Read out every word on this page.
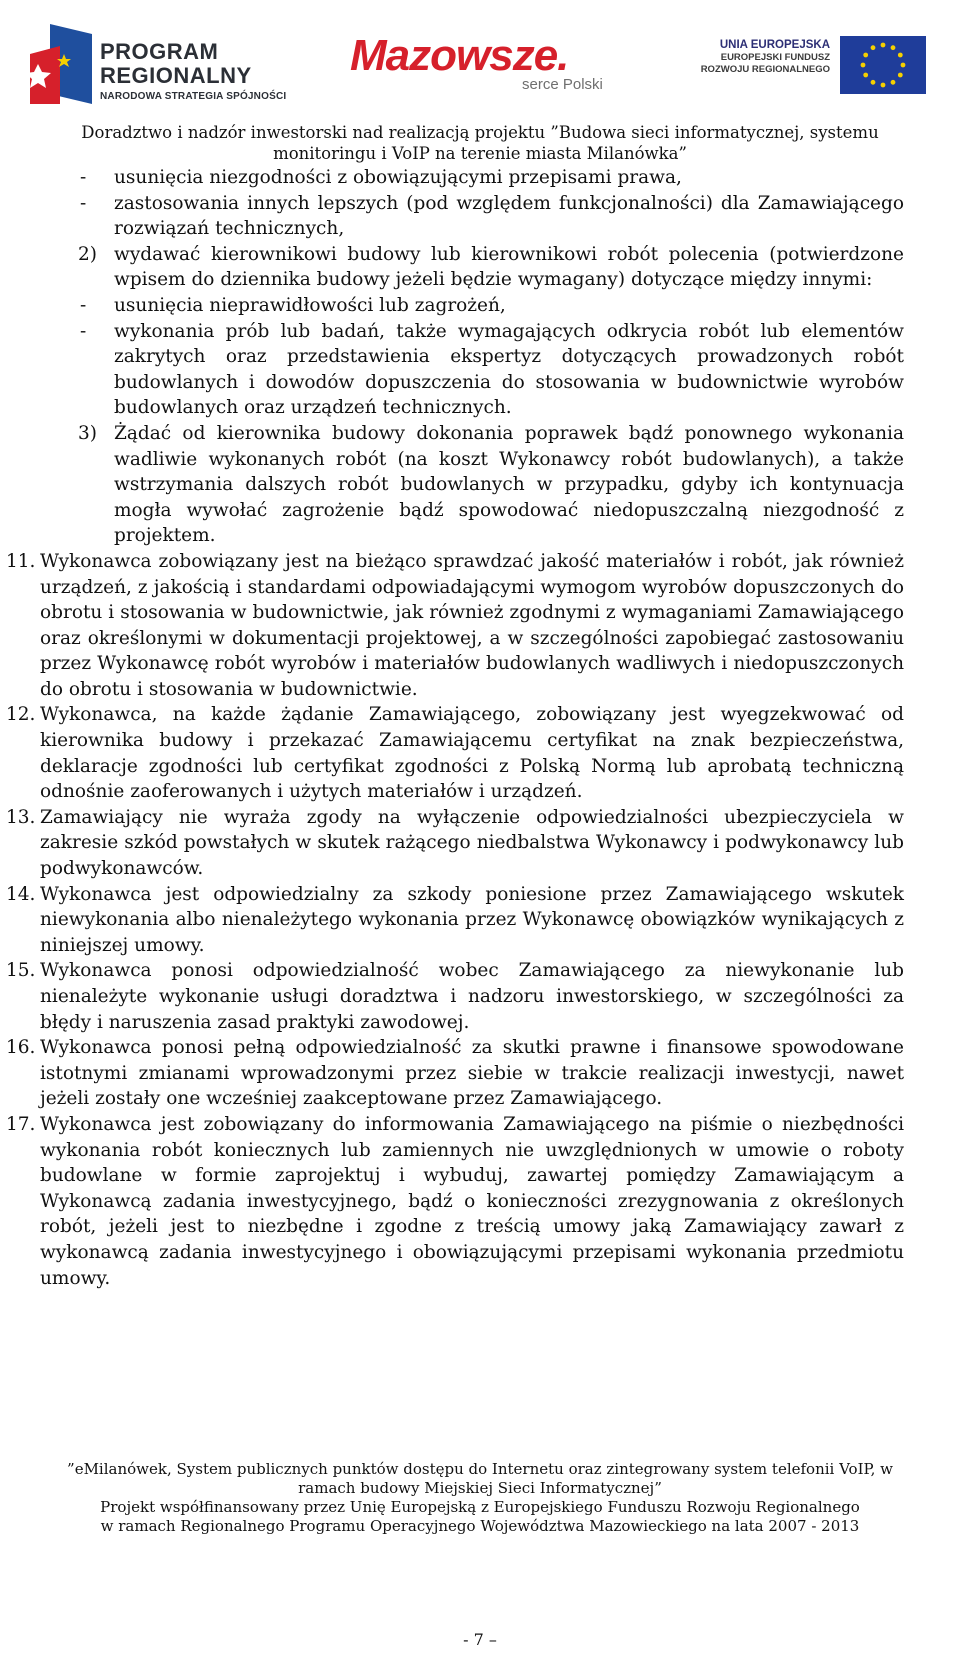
PROGRAM
REGIONALNY
NARODOWA STRATEGIA SPÓJNOŚCI
Mazowsze.
serce Polski
UNIA EUROPEJSKA
EUROPEJSKI FUNDUSZ
ROZWOJU REGIONALNEGO
Doradztwo i nadzór inwestorski nad realizacją projektu ”Budowa sieci informatycznej, systemu
monitoringu i VoIP na terenie miasta Milanówka”
- usunięcia niezgodności z obowiązującymi przepisami prawa,
- zastosowania innych lepszych (pod względem funkcjonalności) dla Zamawiającego rozwiązań technicznych,
2) wydawać kierownikowi budowy lub kierownikowi robót polecenia (potwierdzone wpisem do dziennika budowy jeżeli będzie wymagany) dotyczące między innymi:
- usunięcia nieprawidłowości lub zagrożeń,
- wykonania prób lub badań, także wymagających odkrycia robót lub elementów zakrytych oraz przedstawienia ekspertyz dotyczących prowadzonych robót budowlanych i dowodów dopuszczenia do stosowania w budownictwie wyrobów budowlanych oraz urządzeń technicznych.
3) Żądać od kierownika budowy dokonania poprawek bądź ponownego wykonania wadliwie wykonanych robót (na koszt Wykonawcy robót budowlanych), a także wstrzymania dalszych robót budowlanych w przypadku, gdyby ich kontynuacja mogła wywołać zagrożenie bądź spowodować niedopuszczalną niezgodność z projektem.
11. Wykonawca zobowiązany jest na bieżąco sprawdzać jakość materiałów i robót, jak również urządzeń, z jakością i standardami odpowiadającymi wymogom wyrobów dopuszczonych do obrotu i stosowania w budownictwie, jak również zgodnymi z wymaganiami Zamawiającego oraz określonymi w dokumentacji projektowej, a w szczególności zapobiegać zastosowaniu przez Wykonawcę robót wyrobów i materiałów budowlanych wadliwych i niedopuszczonych do obrotu i stosowania w budownictwie.
12. Wykonawca, na każde żądanie Zamawiającego, zobowiązany jest wyegzekwować od kierownika budowy i przekazać Zamawiającemu certyfikat na znak bezpieczeństwa, deklaracje zgodności lub certyfikat zgodności z Polską Normą lub aprobatą techniczną odnośnie zaoferowanych i użytych materiałów i urządzeń.
13. Zamawiający nie wyraża zgody na wyłączenie odpowiedzialności ubezpieczyciela w zakresie szkód powstałych w skutek rażącego niedbalstwa Wykonawcy i podwykonawcy lub podwykonawców.
14. Wykonawca jest odpowiedzialny za szkody poniesione przez Zamawiającego wskutek niewykonania albo nienależytego wykonania przez Wykonawcę obowiązków wynikających z niniejszej umowy.
15. Wykonawca ponosi odpowiedzialność wobec Zamawiającego za niewykonanie lub nienależyte wykonanie usługi doradztwa i nadzoru inwestorskiego, w szczególności za błędy i naruszenia zasad praktyki zawodowej.
16. Wykonawca ponosi pełną odpowiedzialność za skutki prawne i finansowe spowodowane istotnymi zmianami wprowadzonymi przez siebie w trakcie realizacji inwestycji, nawet jeżeli zostały one wcześniej zaakceptowane przez Zamawiającego.
17. Wykonawca jest zobowiązany do informowania Zamawiającego na piśmie o niezbędności wykonania robót koniecznych lub zamiennych nie uwzględnionych w umowie o roboty budowlane w formie zaprojektuj i wybuduj, zawartej pomiędzy Zamawiającym a Wykonawcą zadania inwestycyjnego, bądź o konieczności zrezygnowania z określonych robót, jeżeli jest to niezbędne i zgodne z treścią umowy jaką Zamawiający zawarł z wykonawcą zadania inwestycyjnego i obowiązującymi przepisami wykonania przedmiotu umowy.
”eMilanówek, System publicznych punktów dostępu do Internetu oraz zintegrowany system telefonii VoIP, w
ramach budowy Miejskiej Sieci Informatycznej”
Projekt współfinansowany przez Unię Europejską z Europejskiego Funduszu Rozwoju Regionalnego
w ramach Regionalnego Programu Operacyjnego Województwa Mazowieckiego na lata 2007 - 2013
- 7 –
